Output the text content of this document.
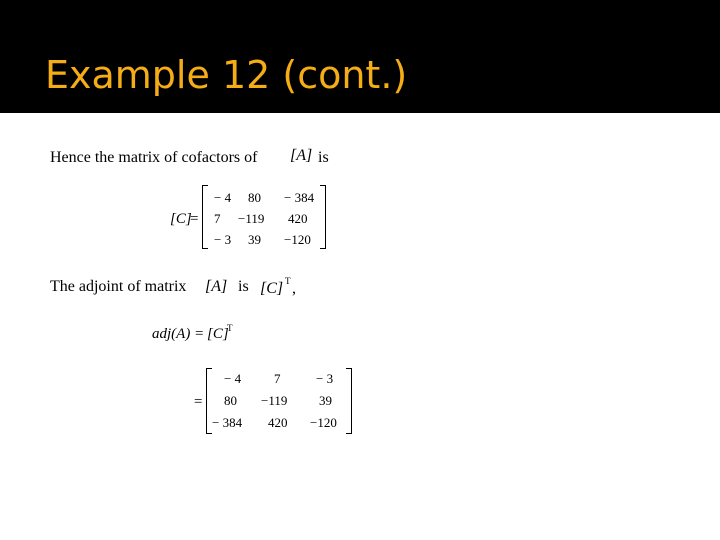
Example 12 (cont.)
Hence the matrix of cofactors of [A] is
[C]
=
− 4 80 − 384
7 −119 420
− 3 39 −120
The adjoint of matrix [A] is [C] T ,
adj(A) = [C]
T
=
− 4	7	− 3
80 −119 39
− 384 420 −120
